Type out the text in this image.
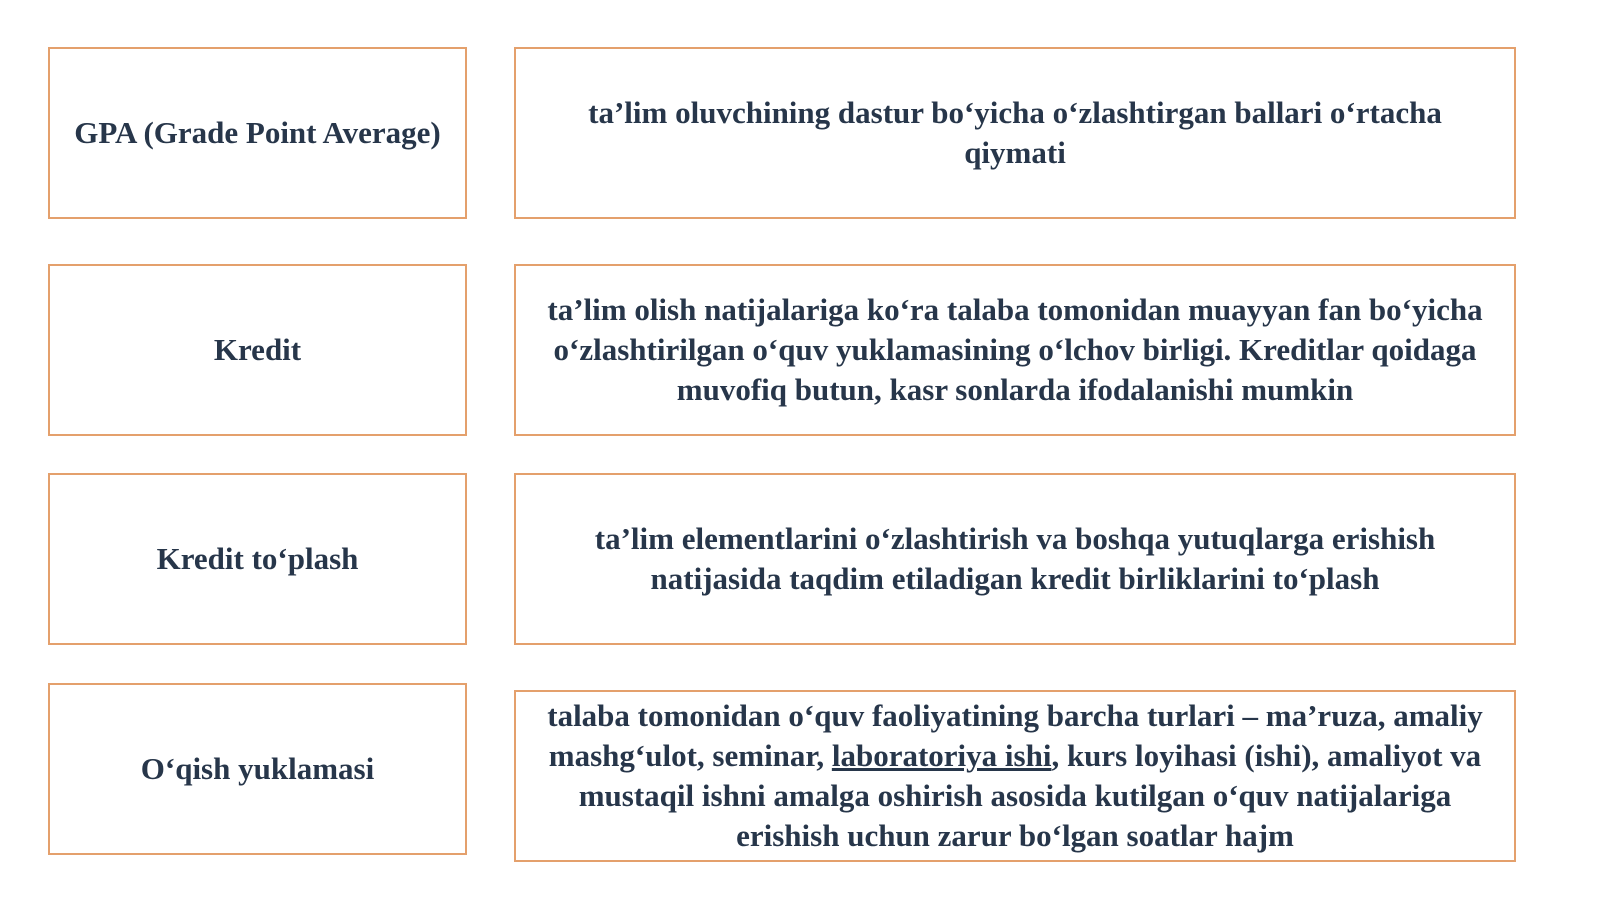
GPA (Grade Point Average)
ta’lim oluvchining dastur bo‘yicha o‘zlashtirgan ballari o‘rtacha qiymati
Kredit
ta’lim olish natijalariga ko‘ra talaba tomonidan muayyan fan bo‘yicha o‘zlashtirilgan o‘quv yuklamasining o‘lchov birligi. Kreditlar qoidaga muvofiq butun, kasr sonlarda ifodalanishi mumkin
Kredit to‘plash
ta’lim elementlarini o‘zlashtirish va boshqa yutuqlarga erishish natijasida taqdim etiladigan kredit birliklarini to‘plash
O‘qish yuklamasi
talaba tomonidan o‘quv faoliyatining barcha turlari – ma’ruza, amaliy mashg‘ulot, seminar, laboratoriya ishi, kurs loyihasi (ishi), amaliyot va mustaqil ishni amalga oshirish asosida kutilgan o‘quv natijalariga erishish uchun zarur bo‘lgan soatlar hajm
